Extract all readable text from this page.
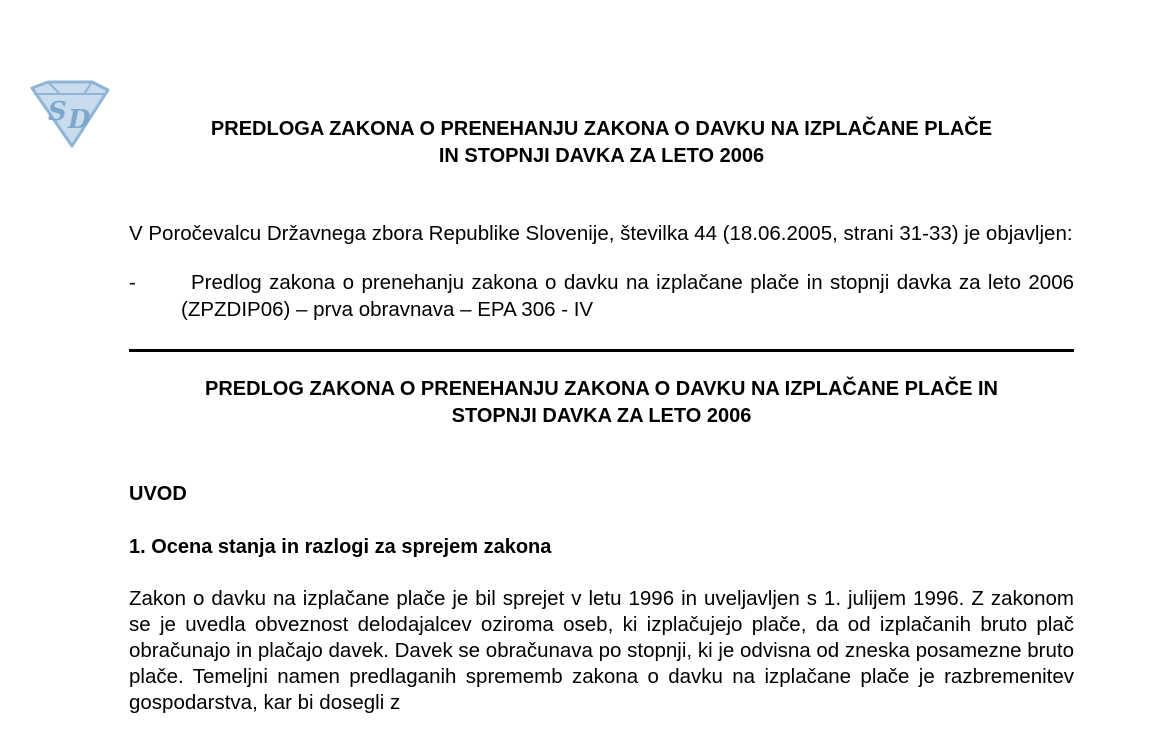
S D	PREDLOGA ZAKONA O PRENEHANJU ZAKONA O DAVKU NA IZPLAČANE PLAČE
IN STOPNJI DAVKA ZA LETO 2006

V Poročevalcu Državnega zbora Republike Slovenije, številka 44 (18.06.2005, strani 31-33) je objavljen:

-	Predlog zakona o prenehanju zakona o davku na izplačane plače in stopnji davka za leto 2006 (ZPZDIP06) – prva obravnava – EPA 306 - IV
PREDLOG ZAKONA O PRENEHANJU ZAKONA O DAVKU NA IZPLAČANE PLAČE IN
STOPNJI DAVKA ZA LETO 2006
UVOD
1. Ocena stanja in razlogi za sprejem zakona

Zakon o davku na izplačane plače je bil sprejet v letu 1996 in uveljavljen s 1. julijem 1996. Z zakonom se je uvedla obveznost delodajalcev oziroma oseb, ki izplačujejo plače, da od izplačanih bruto plač obračunajo in plačajo davek. Davek se obračunava po stopnji, ki je odvisna od zneska posamezne bruto plače. Temeljni namen predlaganih sprememb zakona o davku na izplačane plače je razbremenitev gospodarstva, kar bi dosegli z
